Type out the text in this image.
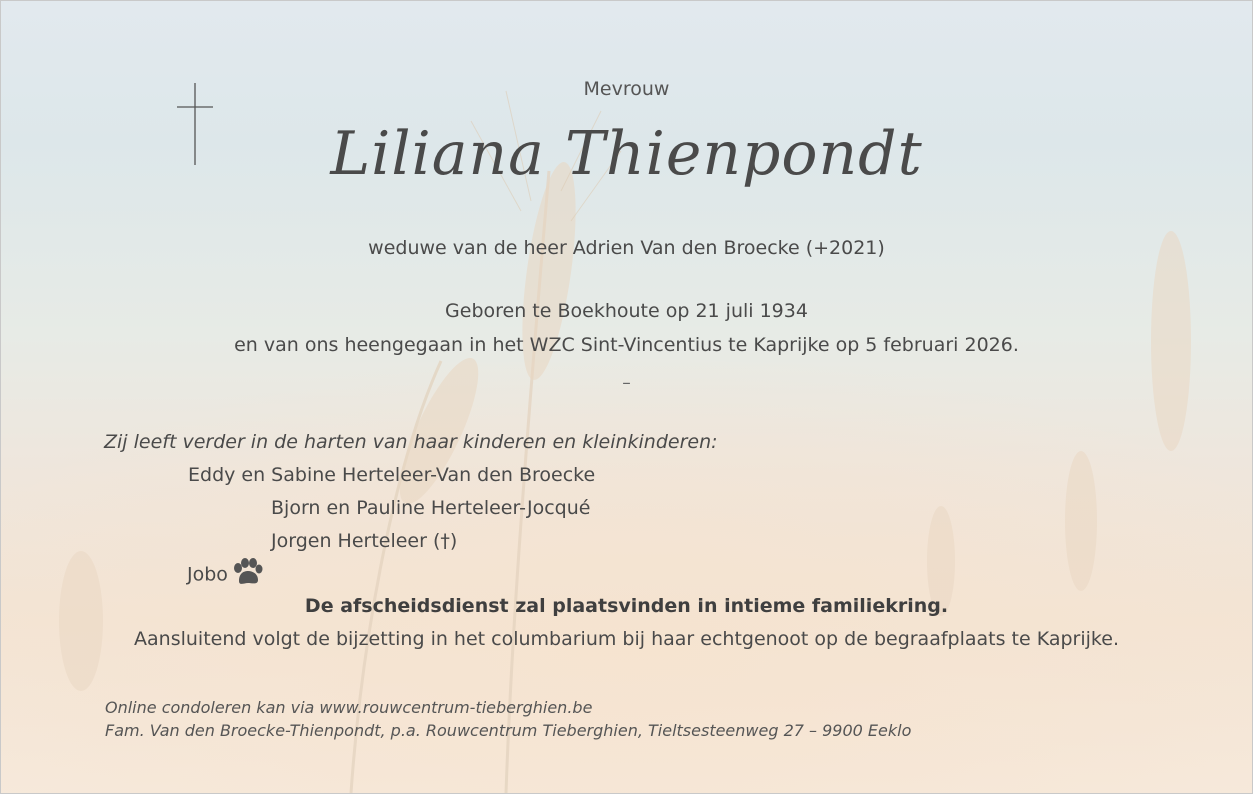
Mevrouw
Liliana Thienpondt
weduwe van de heer Adrien Van den Broecke (+2021)
Geboren te Boekhoute op 21 juli 1934
en van ons heengegaan in het WZC Sint-Vincentius te Kaprijke op 5 februari 2026.
–
Zij leeft verder in de harten van haar kinderen en kleinkinderen:
Eddy en Sabine Herteleer-Van den Broecke
Bjorn en Pauline Herteleer-Jocqué
Jorgen Herteleer (†)
Jobo
De afscheidsdienst zal plaatsvinden in intieme familiekring.
Aansluitend volgt de bijzetting in het columbarium bij haar echtgenoot op de begraafplaats te Kaprijke.
Online condoleren kan via www.rouwcentrum-tieberghien.be
Fam. Van den Broecke-Thienpondt, p.a. Rouwcentrum Tieberghien, Tieltsesteenweg 27 – 9900 Eeklo
